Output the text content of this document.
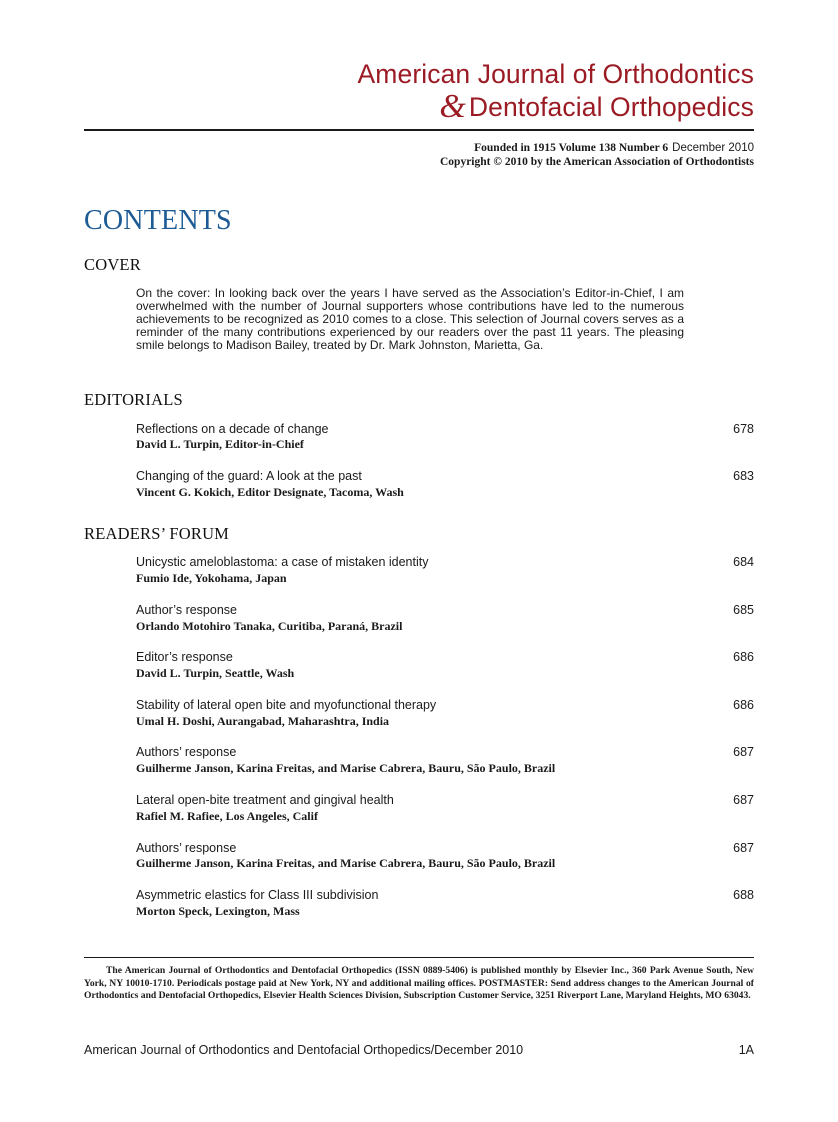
American Journal of Orthodontics
& Dentofacial Orthopedics
Founded in 1915 Volume 138 Number 6 December 2010
Copyright © 2010 by the American Association of Orthodontists
CONTENTS
COVER
On the cover: In looking back over the years I have served as the Association’s Editor-in-Chief, I am overwhelmed with the number of Journal supporters whose contributions have led to the numerous achievements to be recognized as 2010 comes to a close. This selection of Journal covers serves as a reminder of the many contributions experienced by our readers over the past 11 years. The pleasing smile belongs to Madison Bailey, treated by Dr. Mark Johnston, Marietta, Ga.
EDITORIALS
Reflections on a decade of change
David L. Turpin, Editor-in-Chief
678
Changing of the guard: A look at the past
Vincent G. Kokich, Editor Designate, Tacoma, Wash
683
READERS’ FORUM
Unicystic ameloblastoma: a case of mistaken identity
Fumio Ide, Yokohama, Japan
684
Author’s response
Orlando Motohiro Tanaka, Curitiba, Paraná, Brazil
685
Editor’s response
David L. Turpin, Seattle, Wash
686
Stability of lateral open bite and myofunctional therapy
Umal H. Doshi, Aurangabad, Maharashtra, India
686
Authors’ response
Guilherme Janson, Karina Freitas, and Marise Cabrera, Bauru, São Paulo, Brazil
687
Lateral open-bite treatment and gingival health
Rafiel M. Rafiee, Los Angeles, Calif
687
Authors’ response
Guilherme Janson, Karina Freitas, and Marise Cabrera, Bauru, São Paulo, Brazil
687
Asymmetric elastics for Class III subdivision
Morton Speck, Lexington, Mass
688
The American Journal of Orthodontics and Dentofacial Orthopedics (ISSN 0889-5406) is published monthly by Elsevier Inc., 360 Park Avenue South, New York, NY 10010-1710. Periodicals postage paid at New York, NY and additional mailing offices. POSTMASTER: Send address changes to the American Journal of Orthodontics and Dentofacial Orthopedics, Elsevier Health Sciences Division, Subscription Customer Service, 3251 Riverport Lane, Maryland Heights, MO 63043.
American Journal of Orthodontics and Dentofacial Orthopedics/December 2010	1A
